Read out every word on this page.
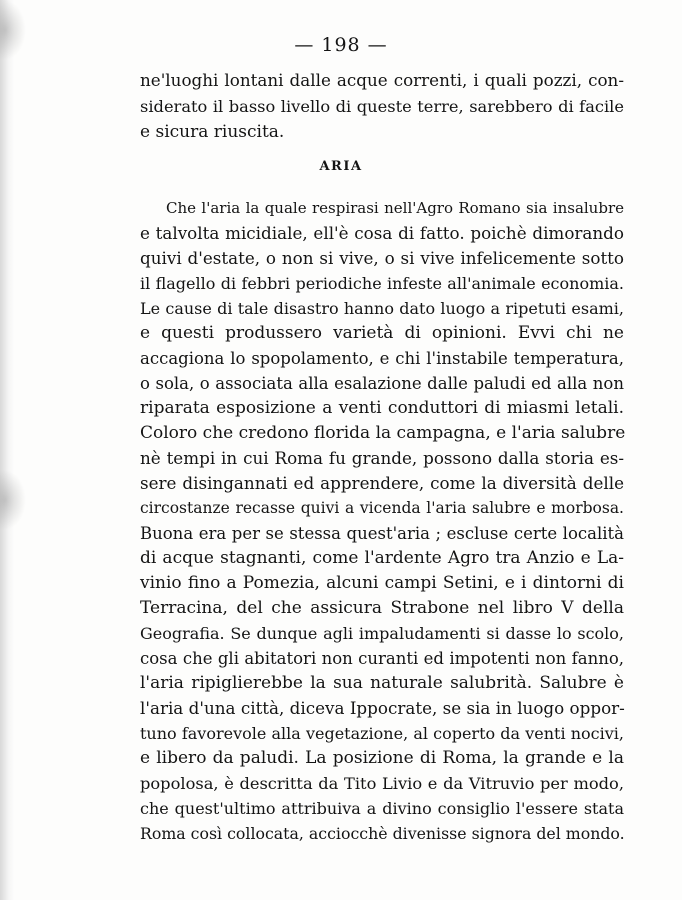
— 198 —
ne'luoghi lontani dalle acque correnti, i quali pozzi, con-
siderato il basso livello di queste terre, sarebbero di facile
e sicura riuscita.
ARIA
Che l'aria la quale respirasi nell'Agro Romano sia insalubre
e talvolta micidiale, ell'è cosa di fatto. poichè dimorando
quivi d'estate, o non si vive, o si vive infelicemente sotto
il flagello di febbri periodiche infeste all'animale economia.
Le cause di tale disastro hanno dato luogo a ripetuti esami,
e questi produssero varietà di opinioni. Evvi chi ne
accagiona lo spopolamento, e chi l'instabile temperatura,
o sola, o associata alla esalazione dalle paludi ed alla non
riparata esposizione a venti conduttori di miasmi letali.
Coloro che credono florida la campagna, e l'aria salubre
nè tempi in cui Roma fu grande, possono dalla storia es-
sere disingannati ed apprendere, come la diversità delle
circostanze recasse quivi a vicenda l'aria salubre e morbosa.
Buona era per se stessa quest'aria ; escluse certe località
di acque stagnanti, come l'ardente Agro tra Anzio e La-
vinio fino a Pomezia, alcuni campi Setini, e i dintorni di
Terracina, del che assicura Strabone nel libro V della
Geografia. Se dunque agli impaludamenti si dasse lo scolo,
cosa che gli abitatori non curanti ed impotenti non fanno,
l'aria ripiglierebbe la sua naturale salubrità. Salubre è
l'aria d'una città, diceva Ippocrate, se sia in luogo oppor-
tuno favorevole alla vegetazione, al coperto da venti nocivi,
e libero da paludi. La posizione di Roma, la grande e la
popolosa, è descritta da Tito Livio e da Vitruvio per modo,
che quest'ultimo attribuiva a divino consiglio l'essere stata
Roma così collocata, acciocchè divenisse signora del mondo.
